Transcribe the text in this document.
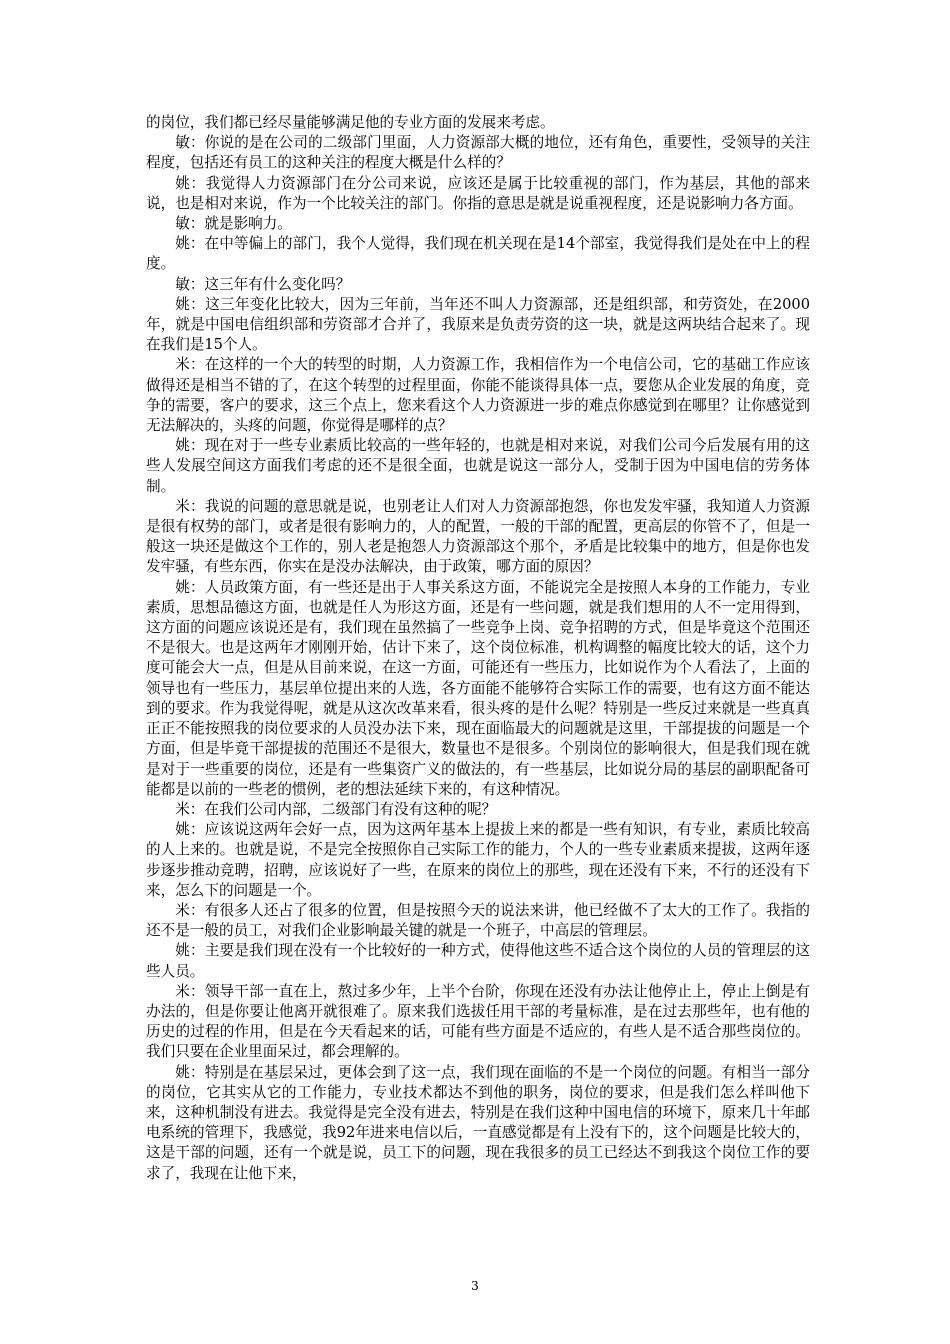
的岗位，我们都已经尽量能够满足他的专业方面的发展来考虑。

敏：你说的是在公司的二级部门里面，人力资源部大概的地位，还有角色，重要性，受领导的关注程度，包括还有员工的这种关注的程度大概是什么样的？

姚：我觉得人力资源部门在分公司来说，应该还是属于比较重视的部门，作为基层，其他的部来说，也是相对来说，作为一个比较关注的部门。你指的意思是就是说重视程度，还是说影响力各方面。

敏：就是影响力。

姚：在中等偏上的部门，我个人觉得，我们现在机关现在是14个部室，我觉得我们是处在中上的程度。

敏：这三年有什么变化吗？

姚：这三年变化比较大，因为三年前，当年还不叫人力资源部，还是组织部，和劳资处，在2000年，就是中国电信组织部和劳资部才合并了，我原来是负责劳资的这一块，就是这两块结合起来了。现在我们是15个人。

米：在这样的一个大的转型的时期，人力资源工作，我相信作为一个电信公司，它的基础工作应该做得还是相当不错的了，在这个转型的过程里面，你能不能谈得具体一点，要您从企业发展的角度，竞争的需要，客户的要求，这三个点上，您来看这个人力资源进一步的难点你感觉到在哪里？让你感觉到无法解决的，头疼的问题，你觉得是哪样的点？

姚：现在对于一些专业素质比较高的一些年轻的，也就是相对来说，对我们公司今后发展有用的这些人发展空间这方面我们考虑的还不是很全面，也就是说这一部分人，受制于因为中国电信的劳务体制。

米：我说的问题的意思就是说，也别老让人们对人力资源部抱怨，你也发发牢骚，我知道人力资源是很有权势的部门，或者是很有影响力的，人的配置，一般的干部的配置，更高层的你管不了，但是一般这一块还是做这个工作的，别人老是抱怨人力资源部这个那个，矛盾是比较集中的地方，但是你也发发牢骚，有些东西，你实在是没办法解决，由于政策，哪方面的原因？

姚：人员政策方面，有一些还是出于人事关系这方面，不能说完全是按照人本身的工作能力，专业素质，思想品德这方面，也就是任人为形这方面，还是有一些问题，就是我们想用的人不一定用得到，这方面的问题应该说还是有，我们现在虽然搞了一些竞争上岗、竞争招聘的方式，但是毕竟这个范围还不是很大。也是这两年才刚刚开始，估计下来了，这个岗位标准，机构调整的幅度比较大的话，这个力度可能会大一点，但是从目前来说，在这一方面，可能还有一些压力，比如说作为个人看法了，上面的领导也有一些压力，基层单位提出来的人选，各方面能不能够符合实际工作的需要，也有这方面不能达到的要求。作为我觉得呢，就是从这次改革来看，很头疼的是什么呢？特别是一些反过来就是一些真真正正不能按照我的岗位要求的人员没办法下来，现在面临最大的问题就是这里，干部提拔的问题是一个方面，但是毕竟干部提拔的范围还不是很大，数量也不是很多。个别岗位的影响很大，但是我们现在就是对于一些重要的岗位，还是有一些集资广义的做法的，有一些基层，比如说分局的基层的副职配备可能都是以前的一些老的惯例，老的想法延续下来的，有这种情况。

米：在我们公司内部，二级部门有没有这种的呢？

姚：应该说这两年会好一点，因为这两年基本上提拔上来的都是一些有知识，有专业，素质比较高的人上来的。也就是说，不是完全按照你自己实际工作的能力，个人的一些专业素质来提拔，这两年逐步逐步推动竞聘，招聘，应该说好了一些，在原来的岗位上的那些，现在还没有下来，不行的还没有下来，怎么下的问题是一个。

米：有很多人还占了很多的位置，但是按照今天的说法来讲，他已经做不了太大的工作了。我指的还不是一般的员工，对我们企业影响最关键的就是一个班子，中高层的管理层。

姚：主要是我们现在没有一个比较好的一种方式，使得他这些不适合这个岗位的人员的管理层的这些人员。

米：领导干部一直在上，熬过多少年，上半个台阶，你现在还没有办法让他停止上，停止上倒是有办法的，但是你要让他离开就很难了。原来我们选拔任用干部的考量标准，是在过去那些年，也有他的历史的过程的作用，但是在今天看起来的话，可能有些方面是不适应的，有些人是不适合那些岗位的。我们只要在企业里面呆过，都会理解的。

姚：特别是在基层呆过，更体会到了这一点，我们现在面临的不是一个岗位的问题。有相当一部分的岗位，它其实从它的工作能力，专业技术都达不到他的职务，岗位的要求，但是我们怎么样叫他下来，这种机制没有进去。我觉得是完全没有进去，特别是在我们这种中国电信的环境下，原来几十年邮电系统的管理下，我感觉，我92年进来电信以后，一直感觉都是有上没有下的，这个问题是比较大的，这是干部的问题，还有一个就是说，员工下的问题，现在我很多的员工已经达不到我这个岗位工作的要求了，我现在让他下来，

3
